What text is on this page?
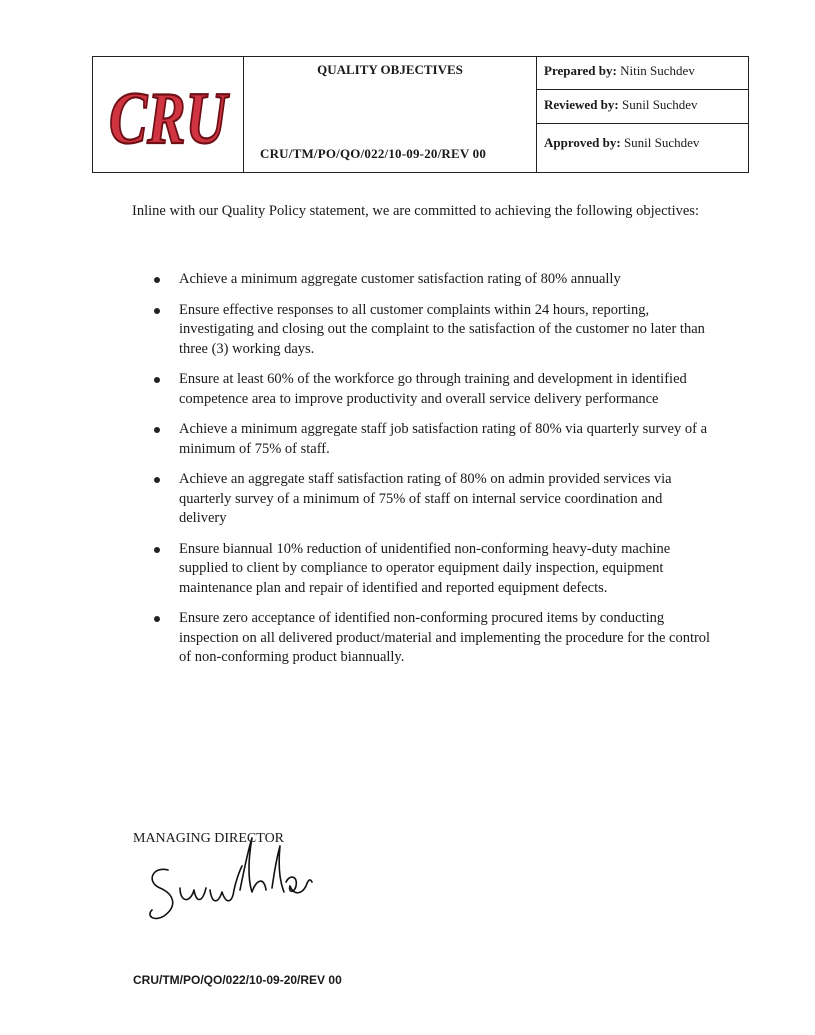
CRU
QUALITY OBJECTIVES
CRU/TM/PO/QO/022/10-09-20/REV 00
Prepared by: Nitin Suchdev
Reviewed by: Sunil Suchdev
Approved by: Sunil Suchdev
Inline with our Quality Policy statement, we are committed to achieving the following objectives:
Achieve a minimum aggregate customer satisfaction rating of 80% annually
Ensure effective responses to all customer complaints within 24 hours, reporting, investigating and closing out the complaint to the satisfaction of the customer no later than three (3) working days.
Ensure at least 60% of the workforce go through training and development in identified competence area to improve productivity and overall service delivery performance
Achieve a minimum aggregate staff job satisfaction rating of 80% via quarterly survey of a minimum of 75% of staff.
Achieve an aggregate staff satisfaction rating of 80% on admin provided services via quarterly survey of a minimum of 75% of staff on internal service coordination and delivery
Ensure biannual 10% reduction of unidentified non-conforming heavy-duty machine supplied to client by compliance to operator equipment daily inspection, equipment maintenance plan and repair of identified and reported equipment defects.
Ensure zero acceptance of identified non-conforming procured items by conducting inspection on all delivered product/material and implementing the procedure for the control of non-conforming product biannually.
MANAGING DIRECTOR
CRU/TM/PO/QO/022/10-09-20/REV 00
